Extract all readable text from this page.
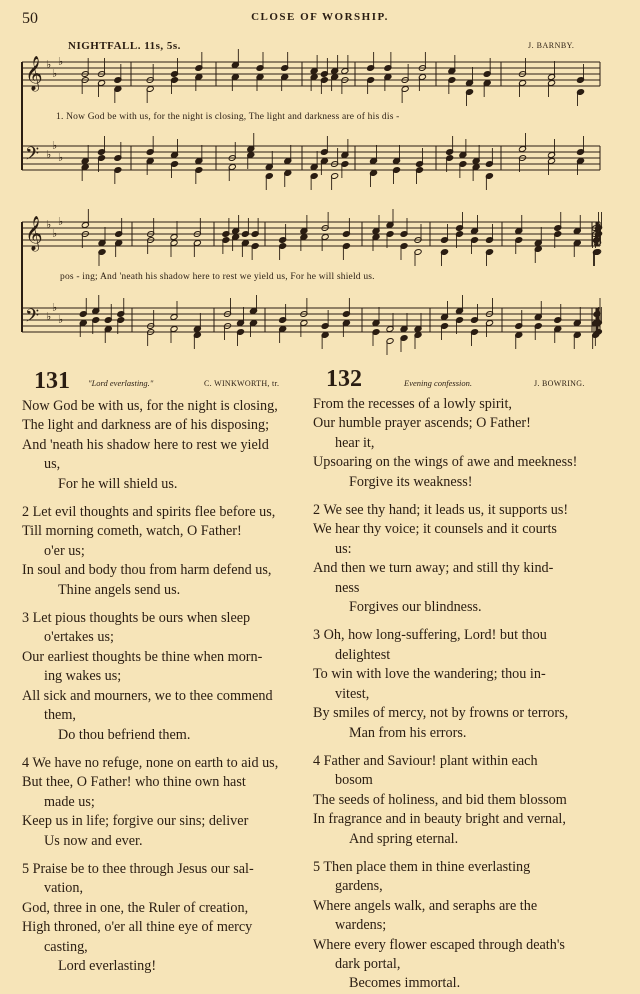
50	CLOSE OF WORSHIP.
NIGHTFALL. 11s, 5s.	J. BARNBY.
𝄞 ♭
♭
♭
𝄢 ♭
♭
♭
𝄞 ♭
♭
♭
𝄢 ♭
♭
♭
1. Now God be with us, for the night is closing, The light and darkness are of his dis -
pos - ing; And 'neath his shadow here to rest we yield us, For he will shield us.
131 "Lord everlasting."	C. WINKWORTH, tr. 132	Evening confession.	J. BOWRING.
Now God be with us, for the night is closing,
The light and darkness are of his disposing;
And 'neath his shadow here to rest we yield
us,
For he will shield us.
2 Let evil thoughts and spirits flee before us,
Till morning cometh, watch, O Father!
o'er us;
In soul and body thou from harm defend us,
Thine angels send us.
3 Let pious thoughts be ours when sleep
o'ertakes us;
Our earliest thoughts be thine when morn-
ing wakes us;
All sick and mourners, we to thee commend
them,
Do thou befriend them.
4 We have no refuge, none on earth to aid us,
But thee, O Father! who thine own hast
made us;
Keep us in life; forgive our sins; deliver
Us now and ever.
5 Praise be to thee through Jesus our sal-
vation,
God, three in one, the Ruler of creation,
High throned, o'er all thine eye of mercy
casting,
Lord everlasting!
From the recesses of a lowly spirit,
Our humble prayer ascends; O Father!
hear it,
Upsoaring on the wings of awe and meekness!
Forgive its weakness!
2 We see thy hand; it leads us, it supports us!
We hear thy voice; it counsels and it courts
us:
And then we turn away; and still thy kind-
ness
Forgives our blindness.
3 Oh, how long-suffering, Lord! but thou
delightest
To win with love the wandering; thou in-
vitest,
By smiles of mercy, not by frowns or terrors,
Man from his errors.
4 Father and Saviour! plant within each
bosom
The seeds of holiness, and bid them blossom
In fragrance and in beauty bright and vernal,
And spring eternal.
5 Then place them in thine everlasting
gardens,
Where angels walk, and seraphs are the
wardens;
Where every flower escaped through death's
dark portal,
Becomes immortal.
